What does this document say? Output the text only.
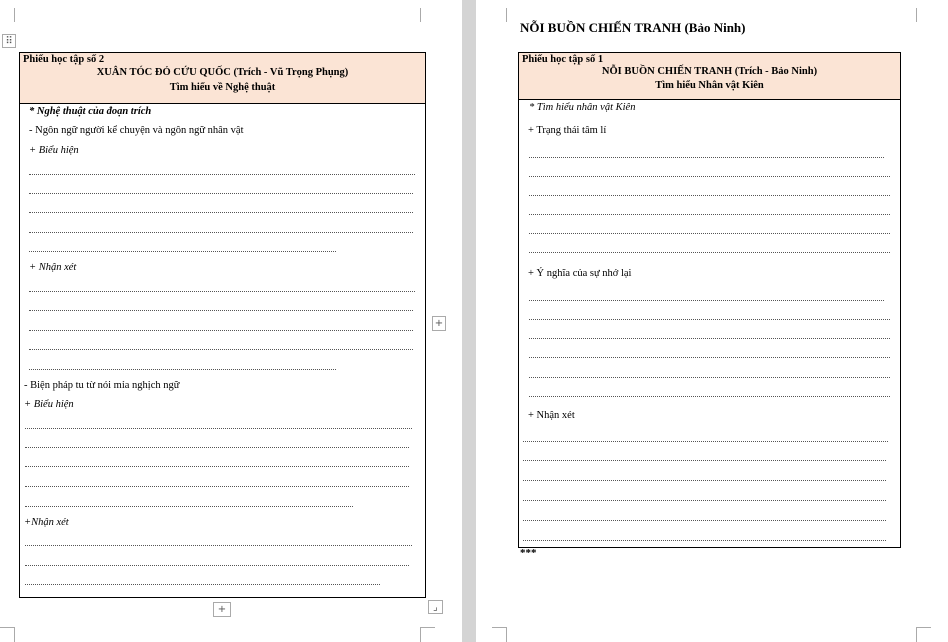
Phiếu học tập số 2
XUÂN TÓC ĐỎ CỨU QUỐC (Trích - Vũ Trọng Phụng)
Tìm hiểu về Nghệ thuật
* Nghệ thuật của đoạn trích
- Ngôn ngữ người kể chuyện và ngôn ngữ nhân vật
+ Biểu hiện
+ Nhận xét
- Biện pháp tu từ nói mỉa nghịch ngữ
+ Biểu hiện
+Nhận xét
⠿
+	⌟
+
NỖI BUỒN CHIẾN TRANH (Bảo Ninh)
Phiếu học tập số 1
NỖI BUỒN CHIẾN TRANH (Trích - Bảo Ninh)
Tìm hiểu Nhân vật Kiên
* Tìm hiểu nhân vật Kiên
+ Trạng thái tâm lí
+ Ý nghĩa của sự nhớ lại
+ Nhận xét
***
